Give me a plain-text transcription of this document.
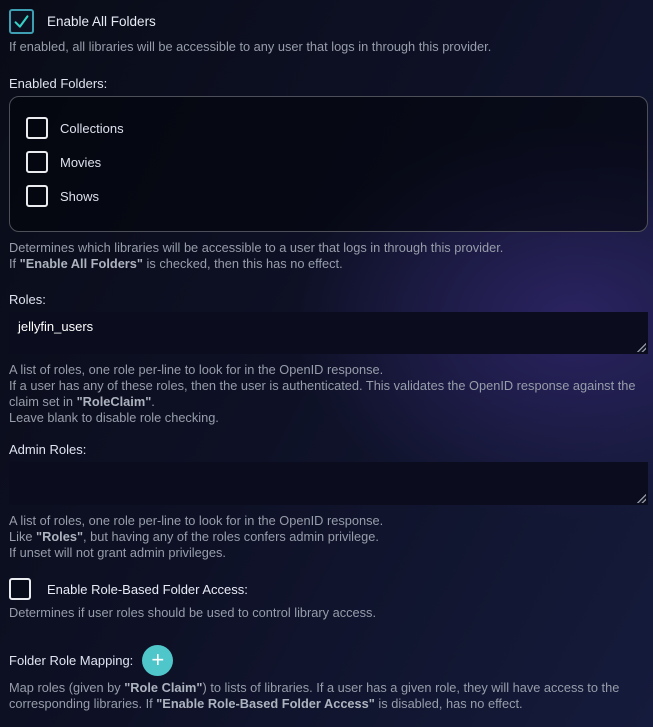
Enable All Folders

If enabled, all libraries will be accessible to any user that logs in through this provider.

Enabled Folders:
Collections
Movies
Shows

Determines which libraries will be accessible to a user that logs in through this provider.
If "Enable All Folders" is checked, then this has no effect.

Roles:
jellyfin_users

A list of roles, one role per-line to look for in the OpenID response.
If a user has any of these roles, then the user is authenticated. This validates the OpenID response against the claim set in "RoleClaim".
Leave blank to disable role checking.

Admin Roles:

A list of roles, one role per-line to look for in the OpenID response.
Like "Roles", but having any of the roles confers admin privilege.
If unset will not grant admin privileges.

Enable Role-Based Folder Access:

Determines if user roles should be used to control library access.

Folder Role Mapping: +

Map roles (given by "Role Claim") to lists of libraries. If a user has a given role, they will have access to the corresponding libraries. If "Enable Role-Based Folder Access" is disabled, has no effect.
